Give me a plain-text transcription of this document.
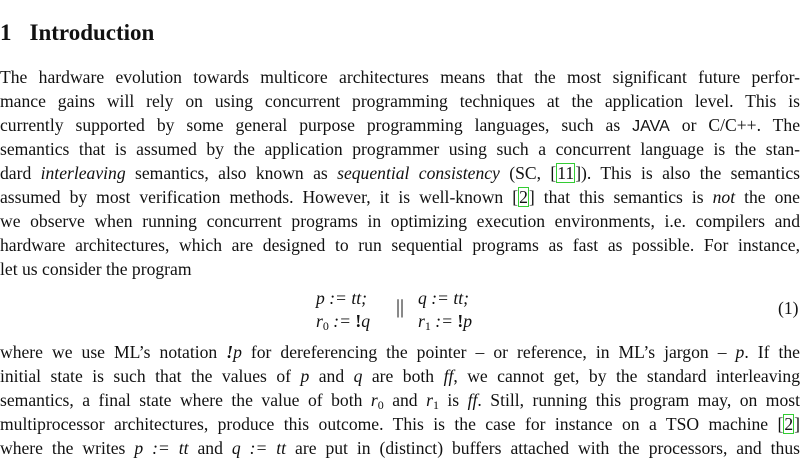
1 Introduction
The hardware evolution towards multicore architectures means that the most significant future perfor-
mance gains will rely on using concurrent programming techniques at the application level. This is
currently supported by some general purpose programming languages, such as JAVA or C/C++. The
semantics that is assumed by the application programmer using such a concurrent language is the stan-
dard interleaving semantics, also known as sequential consistency (SC, [11]). This is also the semantics
assumed by most verification methods. However, it is well-known [2] that this semantics is not the one
we observe when running concurrent programs in optimizing execution environments, i.e. compilers and
hardware architectures, which are designed to run sequential programs as fast as possible. For instance,
let us consider the program
p := tt;
$r_0$ := !q
|| q := tt;
$r_1$ := !p
(1)
where we use ML’s notation !p for dereferencing the pointer – or reference, in ML’s jargon – p. If the
initial state is such that the values of p and q are both ff, we cannot get, by the standard interleaving
semantics, a final state where the value of both $r_0$ and $r_1$ is ff. Still, running this program may, on most
multiprocessor architectures, produce this outcome. This is the case for instance on a TSO machine [2]
where the writes p := tt and q := tt are put in (distinct) buffers attached with the processors, and thus
